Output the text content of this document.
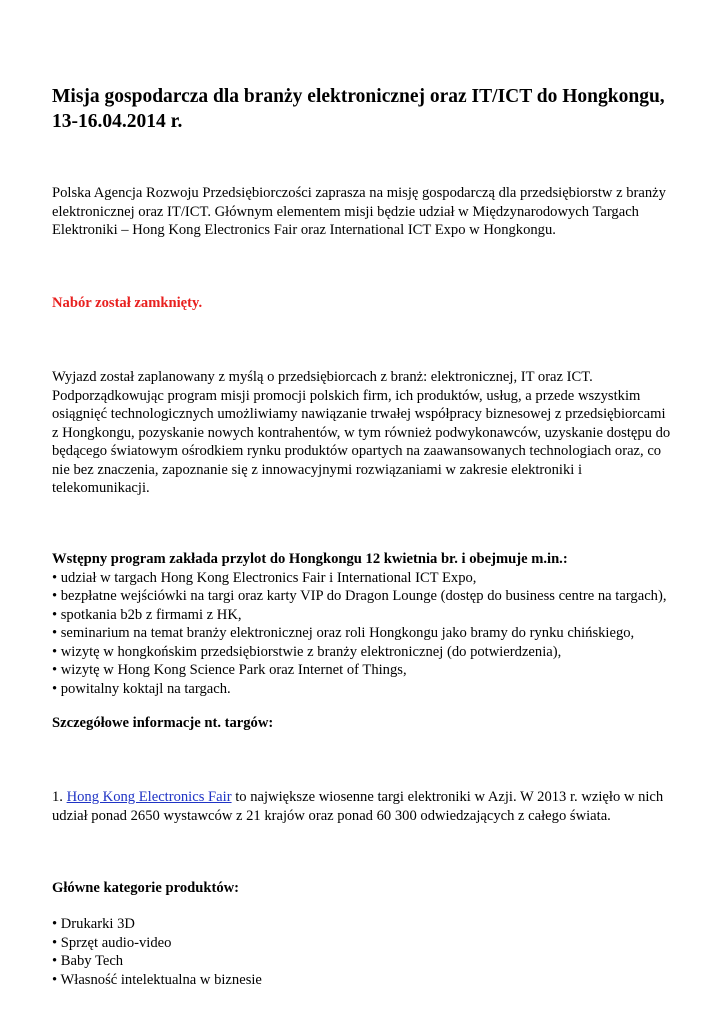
Misja gospodarcza dla branży elektronicznej oraz IT/ICT do Hongkongu,
13-16.04.2014 r.

Polska Agencja Rozwoju Przedsiębiorczości zaprasza na misję gospodarczą dla przedsiębiorstw z branży

elektronicznej oraz IT/ICT. Głównym elementem misji będzie udział w Międzynarodowych Targach

Elektroniki – Hong Kong Electronics Fair oraz International ICT Expo w Hongkongu.

Nabór został zamknięty.

Wyjazd został zaplanowany z myślą o przedsiębiorcach z branż: elektronicznej, IT oraz ICT.

Podporządkowując program misji promocji polskich firm, ich produktów, usług, a przede wszystkim

osiągnięć technologicznych umożliwiamy nawiązanie trwałej współpracy biznesowej z przedsiębiorcami

z Hongkongu, pozyskanie nowych kontrahentów, w tym również podwykonawców, uzyskanie dostępu do

będącego światowym ośrodkiem rynku produktów opartych na zaawansowanych technologiach oraz, co

nie bez znaczenia, zapoznanie się z innowacyjnymi rozwiązaniami w zakresie elektroniki i

telekomunikacji.

Wstępny program zakłada przylot do Hongkongu 12 kwietnia br. i obejmuje m.in.:

• udział w targach Hong Kong Electronics Fair i International ICT Expo,
• bezpłatne wejściówki na targi oraz karty VIP do Dragon Lounge (dostęp do business centre na targach),
• spotkania b2b z firmami z HK,
• seminarium na temat branży elektronicznej oraz roli Hongkongu jako bramy do rynku chińskiego,
• wizytę w hongkońskim przedsiębiorstwie z branży elektronicznej (do potwierdzenia),
• wizytę w Hong Kong Science Park oraz Internet of Things,
• powitalny koktajl na targach.

Szczegółowe informacje nt. targów:

1. Hong Kong Electronics Fair to największe wiosenne targi elektroniki w Azji. W 2013 r. wzięło w nich

udział ponad 2650 wystawców z 21 krajów oraz ponad 60 300 odwiedzających z całego świata.

Główne kategorie produktów:

• Drukarki 3D
• Sprzęt audio-video
• Baby Tech
• Własność intelektualna w biznesie
